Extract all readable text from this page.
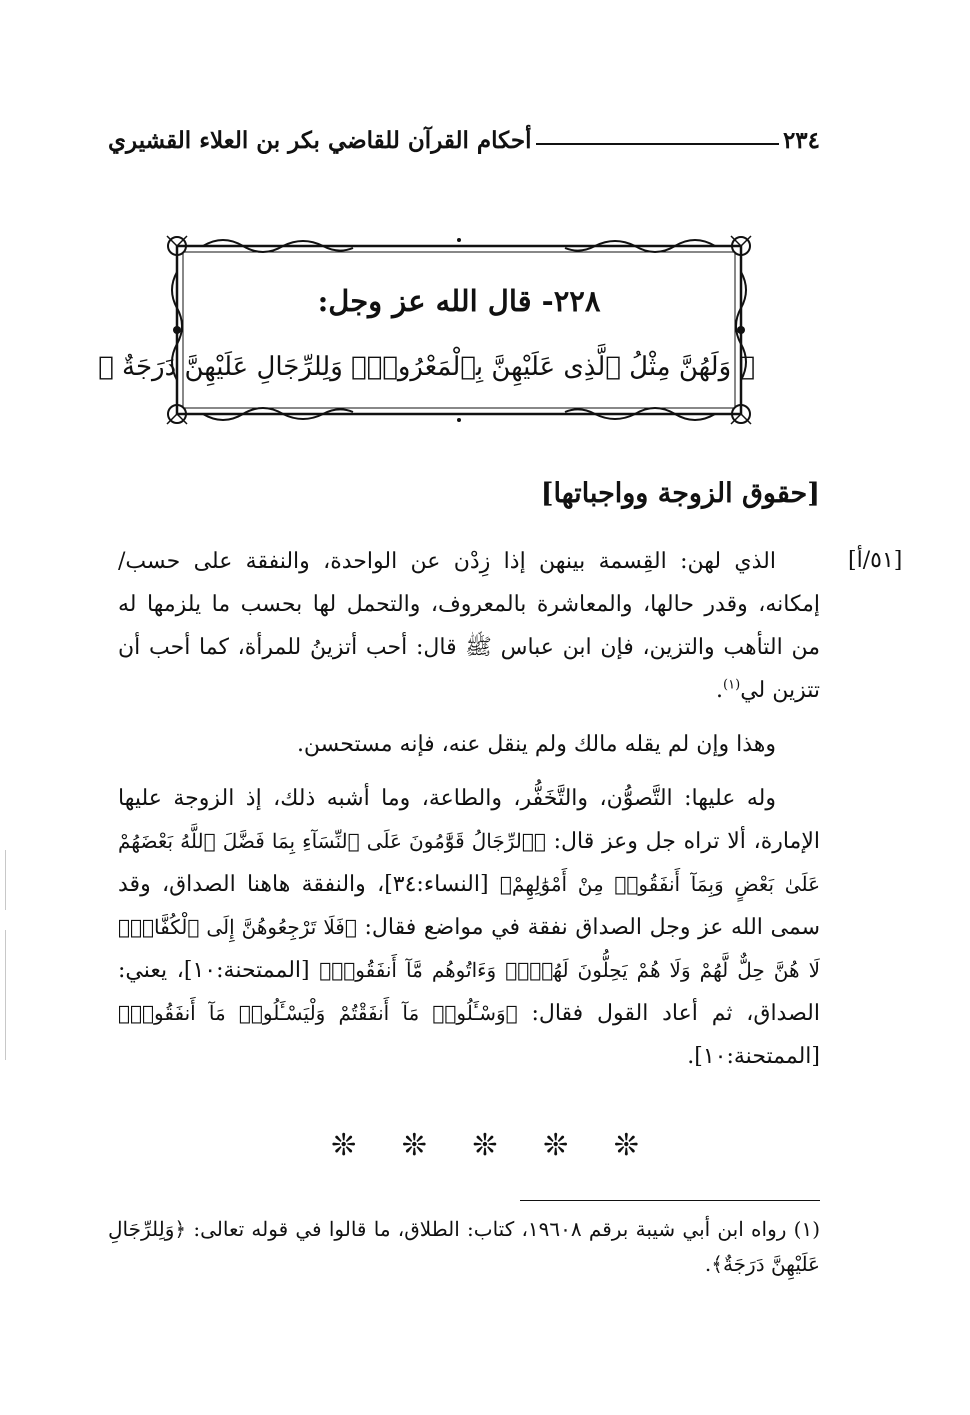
٢٣٤
أحكام القرآن للقاضي بكر بن العلاء القشيري
٢٢٨- قال الله عز وجل:
﴿ وَلَهُنَّ مِثْلُ ٱلَّذِى عَلَيْهِنَّ بِٱلْمَعْرُوفِۚ وَلِلرِّجَالِ عَلَيْهِنَّ دَرَجَةٌ ﴾
[حقوق الزوجة وواجباتها]
[٥١/أ]

الذي لهن: القِسمة بينهن إذا زِدْن عن الواحدة، والنفقة على حسب/ إمكانه، وقدر حالها، والمعاشرة بالمعروف، والتحمل لها بحسب ما يلزمها له من التأهب والتزين، فإن ابن عباس ﷺ قال: أحب أتزينُ للمرأة، كما أحب أن تتزين لي$^{(١)}$.

وهذا وإن لم يقله مالك ولم ينقل عنه، فإنه مستحسن.

وله عليها: التَّصوُّن، والتَّخَفُّر، والطاعة، وما أشبه ذلك، إذ الزوجة عليها الإمارة، ألا تراه جل وعز قال: ﴿ٱلرِّجَالُ قَوَّٰمُونَ عَلَى ٱلنِّسَآءِ بِمَا فَضَّلَ ٱللَّهُ بَعْضَهُمْ عَلَىٰ بَعْضٍ وَبِمَآ أَنفَقُوا۟ مِنْ أَمْوَٰلِهِمْ﴾ [النساء:٣٤]، والنفقة هاهنا الصداق، وقد سمى الله عز وجل الصداق نفقة في مواضع فقال: ﴿فَلَا تَرْجِعُوهُنَّ إِلَى ٱلْكُفَّارِۖ لَا هُنَّ حِلٌّ لَّهُمْ وَلَا هُمْ يَحِلُّونَ لَهُنَّۖ وَءَاتُوهُم مَّآ أَنفَقُوا۟﴾ [الممتحنة:١٠]، يعني: الصداق، ثم أعاد القول فقال: ﴿وَسْـَٔلُوا۟ مَآ أَنفَقْتُمْ وَلْيَسْـَٔلُوا۟ مَآ أَنفَقُوا۟﴾ [الممتحنة:١٠].

❊ ❊ ❊ ❊ ❊
(١) رواه ابن أبي شيبة برقم ١٩٦٠٨، كتاب: الطلاق، ما قالوا في قوله تعالى: ﴿وَلِلرِّجَالِ عَلَيْهِنَّ دَرَجَةٌ﴾.
